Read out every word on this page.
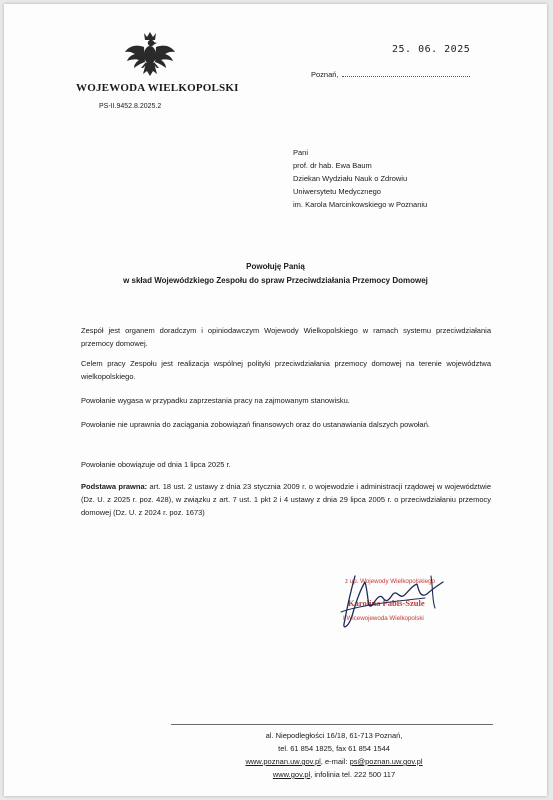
WOJEWODA WIELKOPOLSKI
PS-II.9452.8.2025.2
25. 06. 2025
Poznań,
Pani
prof. dr hab. Ewa Baum
Dziekan Wydziału Nauk o Zdrowiu
Uniwersytetu Medycznego
im. Karola Marcinkowskiego w Poznaniu
Powołuję Panią
w skład Wojewódzkiego Zespołu do spraw Przeciwdziałania Przemocy Domowej
Zespół jest organem doradczym i opiniodawczym Wojewody Wielkopolskiego w ramach systemu przeciwdziałania przemocy domowej.
Celem pracy Zespołu jest realizacja wspólnej polityki przeciwdziałania przemocy domowej na terenie województwa wielkopolskiego.
Powołanie wygasa w przypadku zaprzestania pracy na zajmowanym stanowisku.
Powołanie nie uprawnia do zaciągania zobowiązań finansowych oraz do ustanawiania dalszych powołań.
Powołanie obowiązuje od dnia 1 lipca 2025 r.
Podstawa prawna: art. 18 ust. 2 ustawy z dnia 23 stycznia 2009 r. o wojewodzie i administracji rządowej w województwie (Dz. U. z 2025 r. poz. 428), w związku z art. 7 ust. 1 pkt 2 i 4 ustawy z dnia 29 lipca 2005 r. o przeciwdziałaniu przemocy domowej (Dz. U. z 2024 r. poz. 1673)
z up. Wojewody Wielkopolskiego
Karolina Fabiś-Szule
I Wicewojewoda Wielkopolski
al. Niepodległości 16/18, 61-713 Poznań,
tel. 61 854 1825, fax 61 854 1544
www.poznan.uw.gov.pl, e-mail: ps@poznan.uw.gov.pl
www.gov.pl, infolinia tel. 222 500 117
